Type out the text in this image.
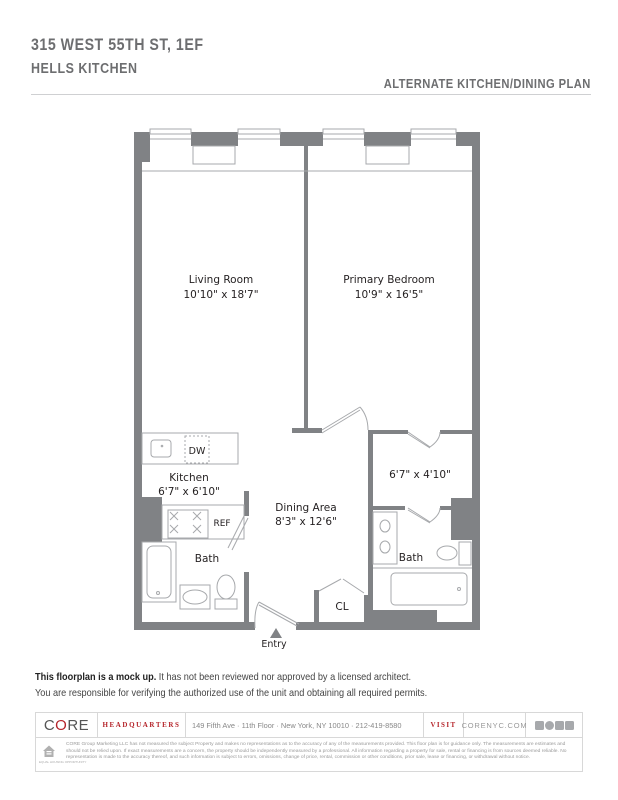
315 WEST 55TH ST, 1EF
HELLS KITCHEN
ALTERNATE KITCHEN/DINING PLAN
Living Room
10'10" x 18'7"
Primary Bedroom
10'9" x 16'5"
Kitchen
6'7" x 6'10"
Dining Area
8'3" x 12'6"
6'7" x 4'10"
Bath	Bath
CL
DW
REF
Entry
This floorplan is a mock up. It has not been reviewed nor approved by a licensed architect.
You are responsible for verifying the authorized use of the unit and obtaining all required permits.
C O RE	HEADQUARTERS	149 Fifth Ave · 11th Floor · New York, NY 10010 · 212-419-8580	VISIT CORENYC.COM
EQUAL HOUSING OPPORTUNITY
CORE Group Marketing LLC has not measured the subject Property and makes no representations as to the accuracy of any of the measurements provided. This floor plan is for guidance only. The measurements are estimates and should not be relied upon. If exact measurements are a concern, the property should be independently measured by a professional. All information regarding a property for sale, rental or financing is from sources deemed reliable. No representation is made to the accuracy thereof, and such information is subject to errors, omissions, change of price, rental, commission or other conditions, prior sale, lease or financing, or withdrawal without notice.
